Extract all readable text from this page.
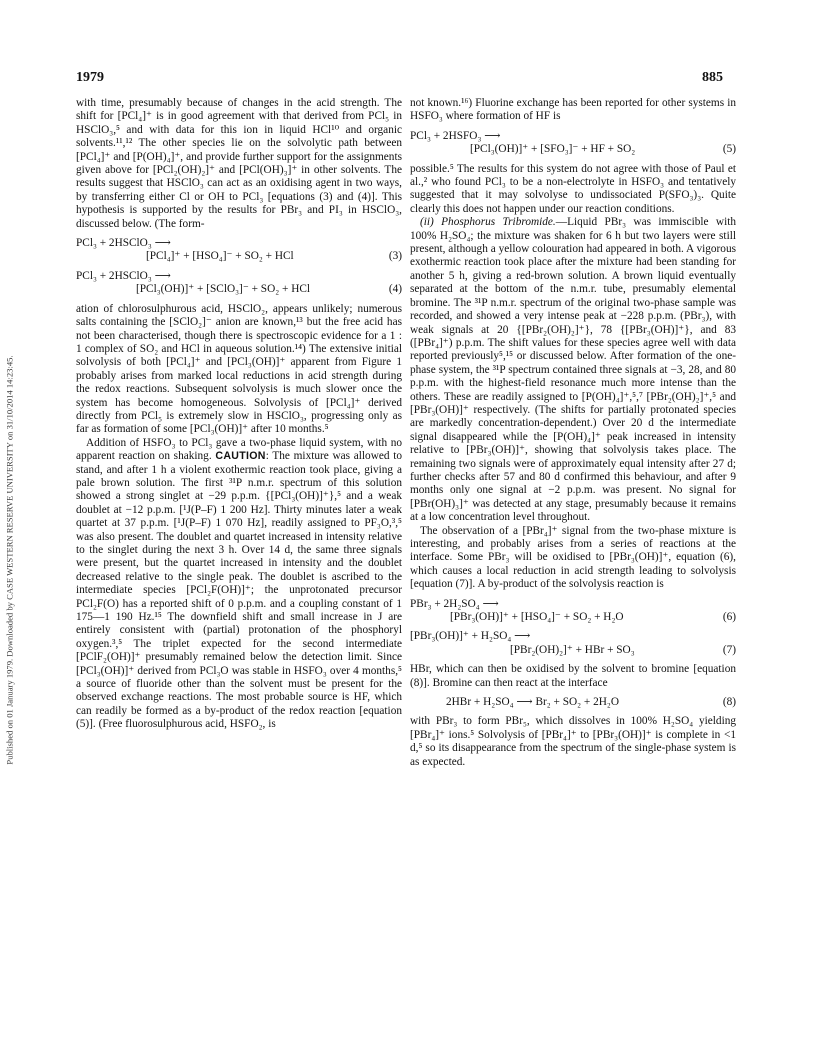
Published on 01 January 1979. Downloaded by CASE WESTERN RESERVE UNIVERSITY on 31/10/2014 14:23:45.
1979	885

with time, presumably because of changes in the acid strength. The shift for [PCl₄]⁺ is in good agreement with that derived from PCl₅ in HSClO₃,⁵ and with data for this ion in liquid HCl¹⁰ and organic solvents.¹¹,¹² The other species lie on the solvolytic path between [PCl₄]⁺ and [P(OH)₄]⁺, and provide further support for the assignments given above for [PCl₂(OH)₂]⁺ and [PCl(OH)₃]⁺ in other solvents. The results suggest that HSClO₃ can act as an oxidising agent in two ways, by transferring either Cl or OH to PCl₃ [equations (3) and (4)]. This hypothesis is supported by the results for PBr₃ and PI₃ in HSClO₃, discussed below. (The form-

PCl₃ + 2HSClO₃ ⟶
[PCl₄]⁺ + [HSO₄]⁻ + SO₂ + HCl	(3)
PCl₃ + 2HSClO₃ ⟶
[PCl₃(OH)]⁺ + [SClO₃]⁻ + SO₂ + HCl	(4)

ation of chlorosulphurous acid, HSClO₂, appears unlikely; numerous salts containing the [SClO₂]⁻ anion are known,¹³ but the free acid has not been characterised, though there is spectroscopic evidence for a 1 : 1 complex of SO₂ and HCl in aqueous solution.¹⁴) The extensive initial solvolysis of both [PCl₄]⁺ and [PCl₃(OH)]⁺ apparent from Figure 1 probably arises from marked local reductions in acid strength during the redox reactions. Subsequent solvolysis is much slower once the system has become homogeneous. Solvolysis of [PCl₄]⁺ derived directly from PCl₅ is extremely slow in HSClO₃, progressing only as far as formation of some [PCl₃(OH)]⁺ after 10 months.⁵

Addition of HSFO₃ to PCl₃ gave a two-phase liquid system, with no apparent reaction on shaking. CAUTION: The mixture was allowed to stand, and after 1 h a violent exothermic reaction took place, giving a pale brown solution. The first ³¹P n.m.r. spectrum of this solution showed a strong singlet at −29 p.p.m. {[PCl₃(OH)]⁺},⁵ and a weak doublet at −12 p.p.m. [¹J(P–F) 1 200 Hz]. Thirty minutes later a weak quartet at 37 p.p.m. [¹J(P–F) 1 070 Hz], readily assigned to PF₃O,³,⁵ was also present. The doublet and quartet increased in intensity relative to the singlet during the next 3 h. Over 14 d, the same three signals were present, but the quartet increased in intensity and the doublet decreased relative to the single peak. The doublet is ascribed to the intermediate species [PCl₂F(OH)]⁺; the unprotonated precursor PCl₂F(O) has a reported shift of 0 p.p.m. and a coupling constant of 1 175—1 190 Hz.¹⁵ The downfield shift and small increase in J are entirely consistent with (partial) protonation of the phosphoryl oxygen.³,⁵ The triplet expected for the second intermediate [PClF₂(OH)]⁺ presumably remained below the detection limit. Since [PCl₃(OH)]⁺ derived from PCl₃O was stable in HSFO₃ over 4 months,⁵ a source of fluoride other than the solvent must be present for the observed exchange reactions. The most probable source is HF, which can readily be formed as a by-product of the redox reaction [equation (5)]. (Free fluorosulphurous acid, HSFO₂, is

not known.¹⁶) Fluorine exchange has been reported for other systems in HSFO₃ where formation of HF is

PCl₃ + 2HSFO₃ ⟶
[PCl₃(OH)]⁺ + [SFO₃]⁻ + HF + SO₂	(5)

possible.⁵ The results for this system do not agree with those of Paul et al.,² who found PCl₃ to be a non-electrolyte in HSFO₃ and tentatively suggested that it may solvolyse to undissociated P(SFO₃)₃. Quite clearly this does not happen under our reaction conditions.

(ii) Phosphorus Tribromide.—Liquid PBr₃ was immiscible with 100% H₂SO₄; the mixture was shaken for 6 h but two layers were still present, although a yellow colouration had appeared in both. A vigorous exothermic reaction took place after the mixture had been standing for another 5 h, giving a red-brown solution. A brown liquid eventually separated at the bottom of the n.m.r. tube, presumably elemental bromine. The ³¹P n.m.r. spectrum of the original two-phase sample was recorded, and showed a very intense peak at −228 p.p.m. (PBr₃), with weak signals at 20 {[PBr₂(OH)₂]⁺}, 78 {[PBr₃(OH)]⁺}, and 83 ([PBr₄]⁺) p.p.m. The shift values for these species agree well with data reported previously⁵,¹⁵ or discussed below. After formation of the one-phase system, the ³¹P spectrum contained three signals at −3, 28, and 80 p.p.m. with the highest-field resonance much more intense than the others. These are readily assigned to [P(OH)₄]⁺,⁵,⁷ [PBr₂(OH)₂]⁺,⁵ and [PBr₃(OH)]⁺ respectively. (The shifts for partially protonated species are markedly concentration-dependent.) Over 20 d the intermediate signal disappeared while the [P(OH)₄]⁺ peak increased in intensity relative to [PBr₃(OH)]⁺, showing that solvolysis takes place. The remaining two signals were of approximately equal intensity after 27 d; further checks after 57 and 80 d confirmed this behaviour, and after 9 months only one signal at −2 p.p.m. was present. No signal for [PBr(OH)₃]⁺ was detected at any stage, presumably because it remains at a low concentration level throughout.

The observation of a [PBr₄]⁺ signal from the two-phase mixture is interesting, and probably arises from a series of reactions at the interface. Some PBr₃ will be oxidised to [PBr₃(OH)]⁺, equation (6), which causes a local reduction in acid strength leading to solvolysis [equation (7)]. A by-product of the solvolysis reaction is

PBr₃ + 2H₂SO₄ ⟶
[PBr₃(OH)]⁺ + [HSO₄]⁻ + SO₂ + H₂O	(6)
[PBr₃(OH)]⁺ + H₂SO₄ ⟶
[PBr₂(OH)₂]⁺ + HBr + SO₃	(7)

HBr, which can then be oxidised by the solvent to bromine [equation (8)]. Bromine can then react at the interface

2HBr + H₂SO₄ ⟶ Br₂ + SO₂ + 2H₂O	(8)

with PBr₃ to form PBr₅, which dissolves in 100% H₂SO₄ yielding [PBr₄]⁺ ions.⁵ Solvolysis of [PBr₄]⁺ to [PBr₃(OH)]⁺ is complete in <1 d,⁵ so its disappearance from the spectrum of the single-phase system is as expected.
